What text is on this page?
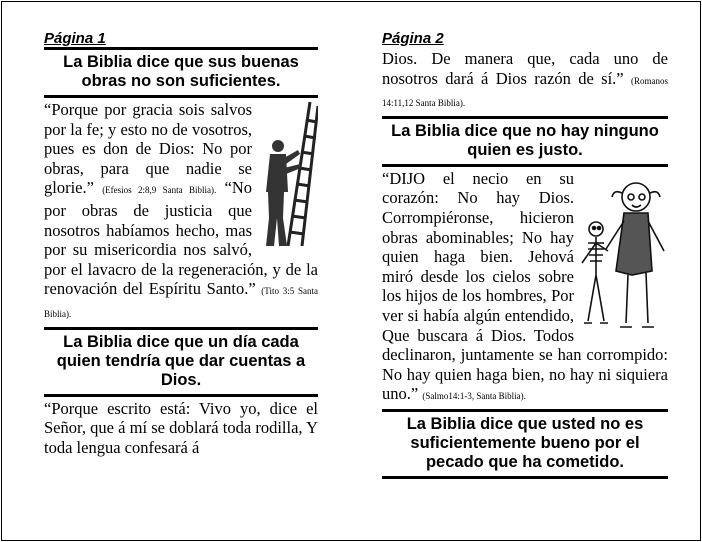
Página 1
La Biblia dice que sus buenas obras no son suficientes.
“Porque por gracia sois salvos por la fe; y esto no de vosotros, pues es don de Dios: No por obras, para que nadie se glorie.” (Efesios 2:8,9 Santa Biblia). “No por obras de justicia que nosotros habíamos hecho, mas por su misericordia nos salvó, por el lavacro de la regeneración, y de la renovación del Espíritu Santo.” (Tito 3:5 Santa Biblia).
La Biblia dice que un día cada quien tendría que dar cuentas a Dios.
“Porque escrito está: Vivo yo, dice el Señor, que á mí se doblará toda rodilla, Y toda lengua confesará á
Página 2
Dios. De manera que, cada uno de nosotros dará á Dios razón de sí.” (Romanos 14:11,12 Santa Biblia).
La Biblia dice que no hay ninguno quien es justo.
“DIJO el necio en su corazón: No hay Dios. Corrompiéronse, hicieron obras abominables; No hay quien haga bien. Jehová miró desde los cielos sobre los hijos de los hombres, Por ver si había algún entendido, Que buscara á Dios. Todos declinaron, juntamente se han corrompido: No hay quien haga bien, no hay ni siquiera uno.” (Salmo14:1-3, Santa Biblia).
La Biblia dice que usted no es suficientemente bueno por el pecado que ha cometido.
